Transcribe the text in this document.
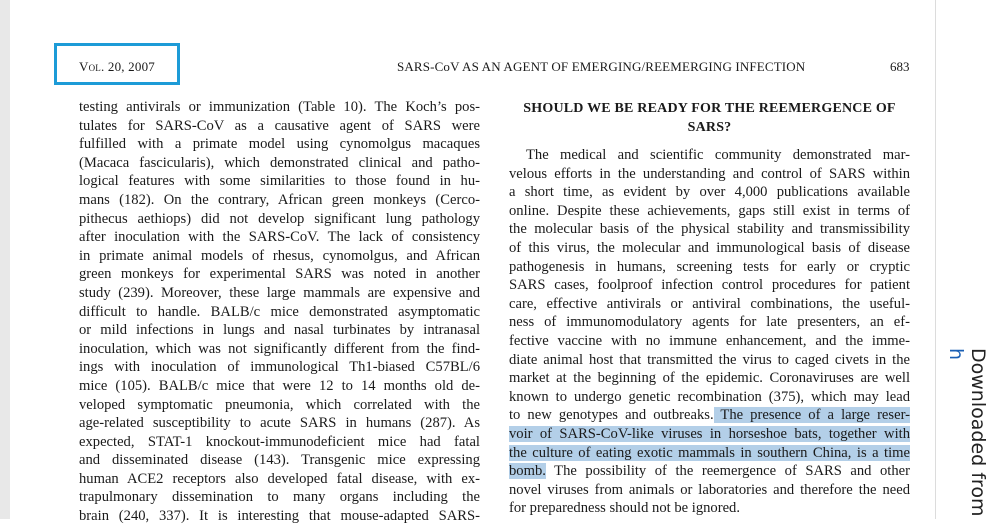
Vol. 20, 2007	SARS-CoV AS AN AGENT OF EMERGING/REEMERGING INFECTION	683
testing antivirals or immunization (Table 10). The Koch’s pos-
tulates for SARS-CoV as a causative agent of SARS were
fulfilled with a primate model using cynomolgus macaques
(Macaca fascicularis), which demonstrated clinical and patho-
logical features with some similarities to those found in hu-
mans (182). On the contrary, African green monkeys (Cerco-
pithecus aethiops) did not develop significant lung pathology
after inoculation with the SARS-CoV. The lack of consistency
in primate animal models of rhesus, cynomolgus, and African
green monkeys for experimental SARS was noted in another
study (239). Moreover, these large mammals are expensive and
difficult to handle. BALB/c mice demonstrated asymptomatic
or mild infections in lungs and nasal turbinates by intranasal
inoculation, which was not significantly different from the find-
ings with inoculation of immunological Th1-biased C57BL/6
mice (105). BALB/c mice that were 12 to 14 months old de-
veloped symptomatic pneumonia, which correlated with the
age-related susceptibility to acute SARS in humans (287). As
expected, STAT-1 knockout-immunodeficient mice had fatal
and disseminated disease (143). Transgenic mice expressing
human ACE2 receptors also developed fatal disease, with ex-
trapulmonary dissemination to many organs including the
brain (240, 337). It is interesting that mouse-adapted SARS-
SHOULD WE BE READY FOR THE REEMERGENCE OF SARS?
The medical and scientific community demonstrated mar-
velous efforts in the understanding and control of SARS within
a short time, as evident by over 4,000 publications available
online. Despite these achievements, gaps still exist in terms of
the molecular basis of the physical stability and transmissibility
of this virus, the molecular and immunological basis of disease
pathogenesis in humans, screening tests for early or cryptic
SARS cases, foolproof infection control procedures for patient
care, effective antivirals or antiviral combinations, the useful-
ness of immunomodulatory agents for late presenters, an ef-
fective vaccine with no immune enhancement, and the imme-
diate animal host that transmitted the virus to caged civets in the
market at the beginning of the epidemic. Coronaviruses are well
known to undergo genetic recombination (375), which may lead
to new genotypes and outbreaks. The presence of a large reser-
voir of SARS-CoV-like viruses in horseshoe bats, together with
the culture of eating exotic mammals in southern China, is a time
bomb. The possibility of the reemergence of SARS and other
novel viruses from animals or laboratories and therefore the need
for preparedness should not be ignored.	Downloaded from h
